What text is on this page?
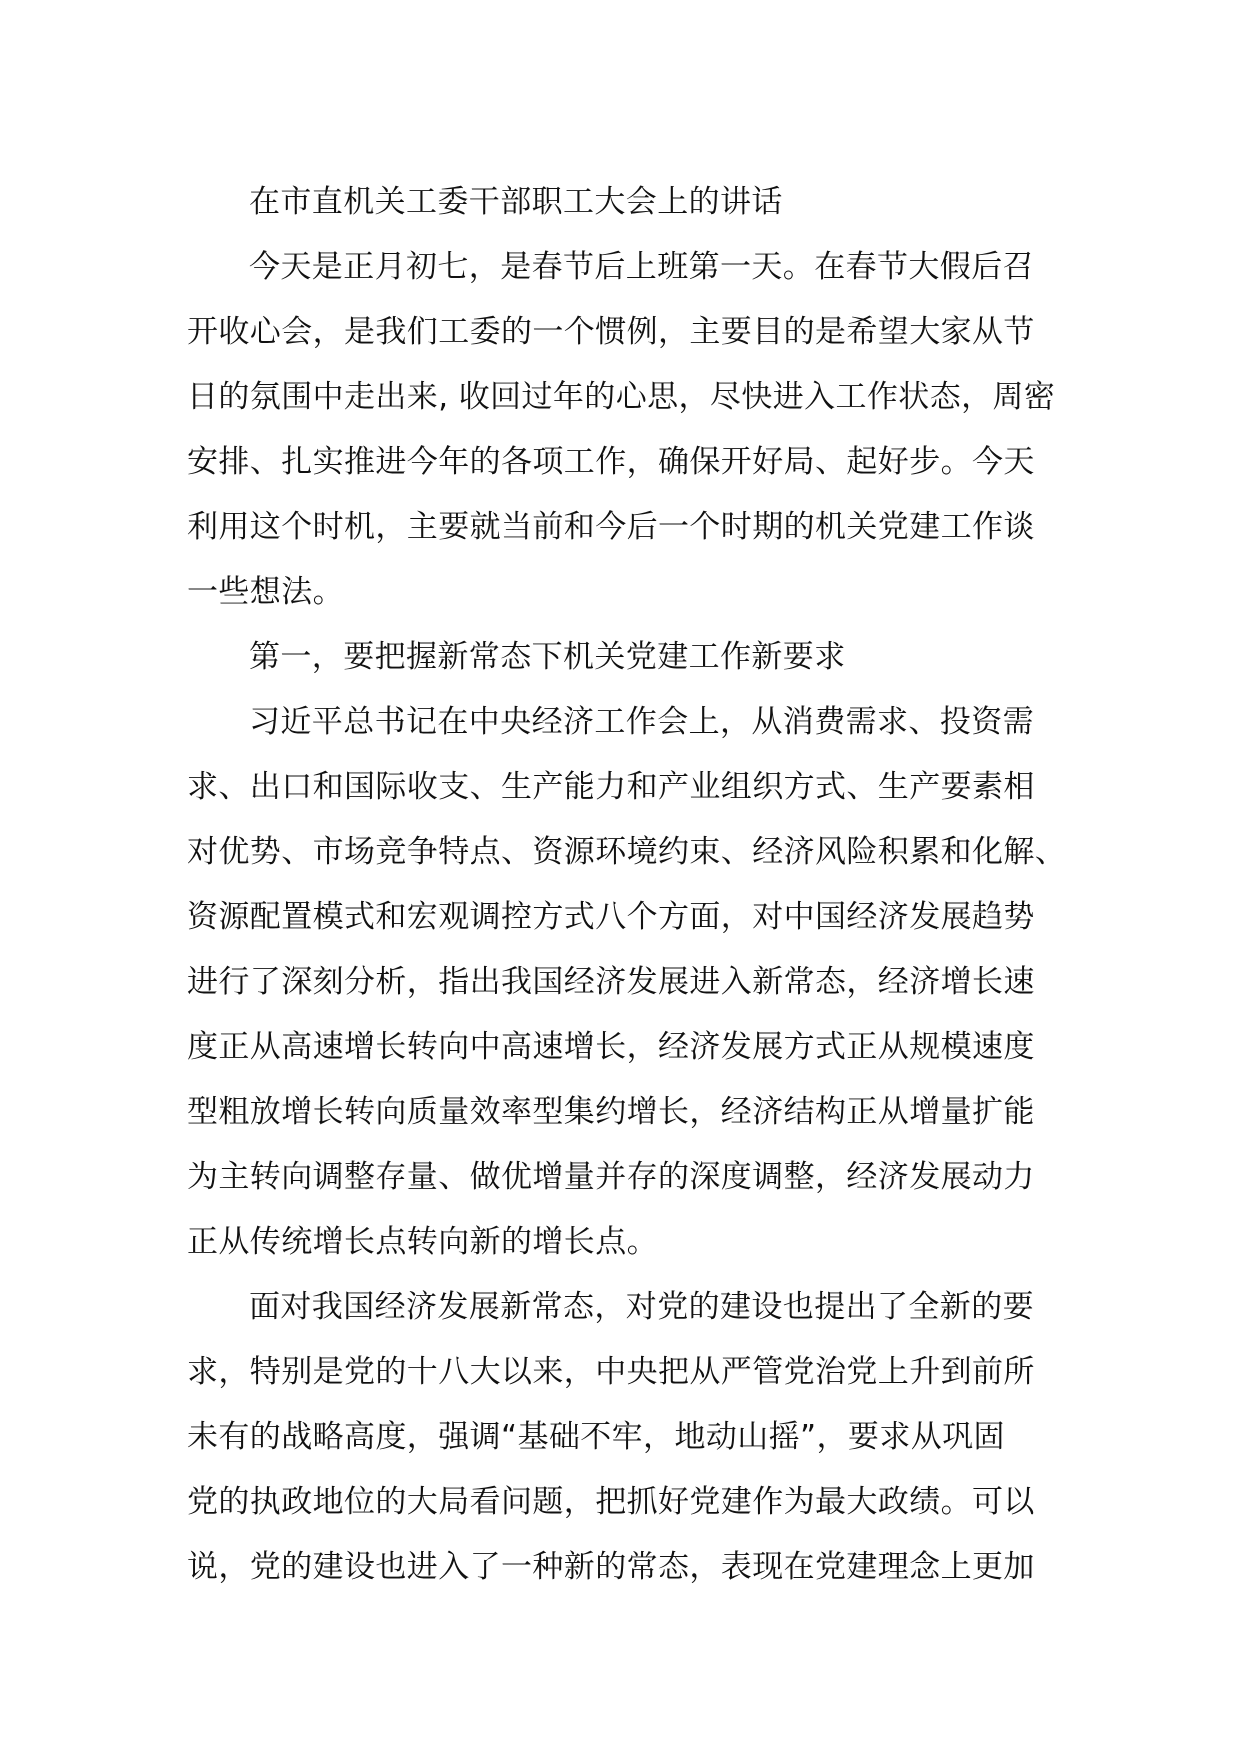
在市直机关工委干部职工大会上的讲话

今天是正月初七，是春节后上班第一天。在春节大假后召
开收心会，是我们工委的一个惯例，主要目的是希望大家从节
日的氛围中走出来, 收回过年的心思，尽快进入工作状态，周密
安排、扎实推进今年的各项工作，确保开好局、起好步。今天
利用这个时机，主要就当前和今后一个时期的机关党建工作谈
一些想法。

第一，要把握新常态下机关党建工作新要求

习近平总书记在中央经济工作会上，从消费需求、投资需
求、出口和国际收支、生产能力和产业组织方式、生产要素相
对优势、市场竞争特点、资源环境约束、经济风险积累和化解、
资源配置模式和宏观调控方式八个方面，对中国经济发展趋势
进行了深刻分析，指出我国经济发展进入新常态，经济增长速
度正从高速增长转向中高速增长，经济发展方式正从规模速度
型粗放增长转向质量效率型集约增长，经济结构正从增量扩能
为主转向调整存量、做优增量并存的深度调整，经济发展动力
正从传统增长点转向新的增长点。

面对我国经济发展新常态，对党的建设也提出了全新的要
求，特别是党的十八大以来，中央把从严管党治党上升到前所
未有的战略高度，强调“基础不牢，地动山摇”，要求从巩固
党的执政地位的大局看问题，把抓好党建作为最大政绩。可以
说，党的建设也进入了一种新的常态，表现在党建理念上更加
